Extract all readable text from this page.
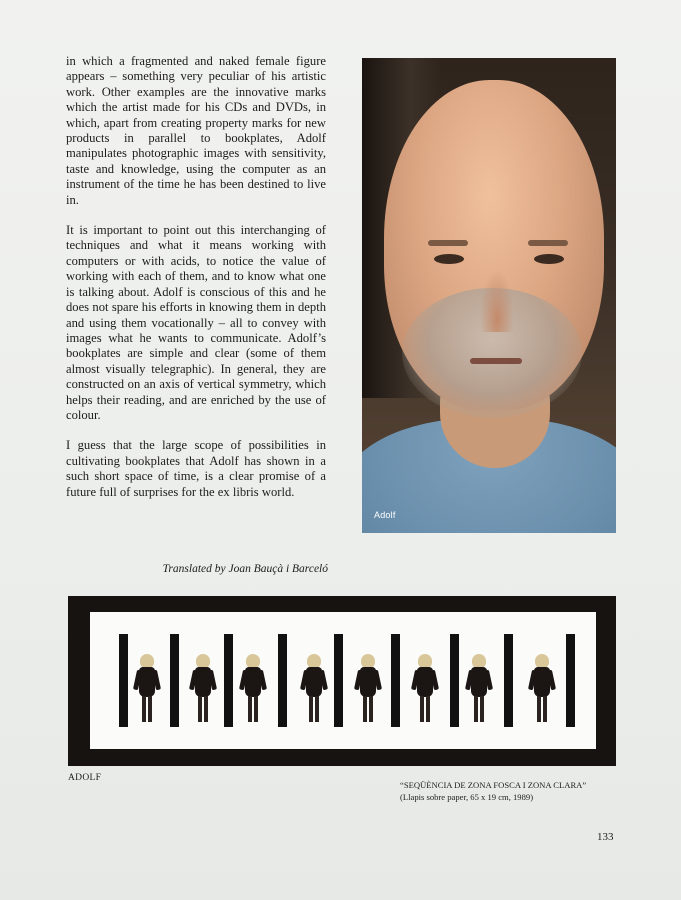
in which a fragmented and naked female figure appears – something very peculiar of his artistic work. Other examples are the innovative marks which the artist made for his CDs and DVDs, in which, apart from creating property marks for new products in parallel to bookplates, Adolf manipulates photographic images with sensitivity, taste and knowledge, using the computer as an instrument of the time he has been destined to live in.

It is important to point out this interchanging of techniques and what it means working with computers or with acids, to notice the value of working with each of them, and to know what one is talking about. Adolf is conscious of this and he does not spare his efforts in knowing them in depth and using them vocationally – all to convey with images what he wants to communicate. Adolf’s bookplates are simple and clear (some of them almost visually telegraphic). In general, they are constructed on an axis of vertical symmetry, which helps their reading, and are enriched by the use of colour.

I guess that the large scope of possibilities in cultivating bookplates that Adolf has shown in a such short space of time, is a clear promise of a future full of surprises for the ex libris world.

Translated by Joan Bauçà i Barceló
Adolf
ADOLF
“SEQÜÈNCIA DE ZONA FOSCA I ZONA CLARA”
(Llapis sobre paper, 65 x 19 cm, 1989)
133
